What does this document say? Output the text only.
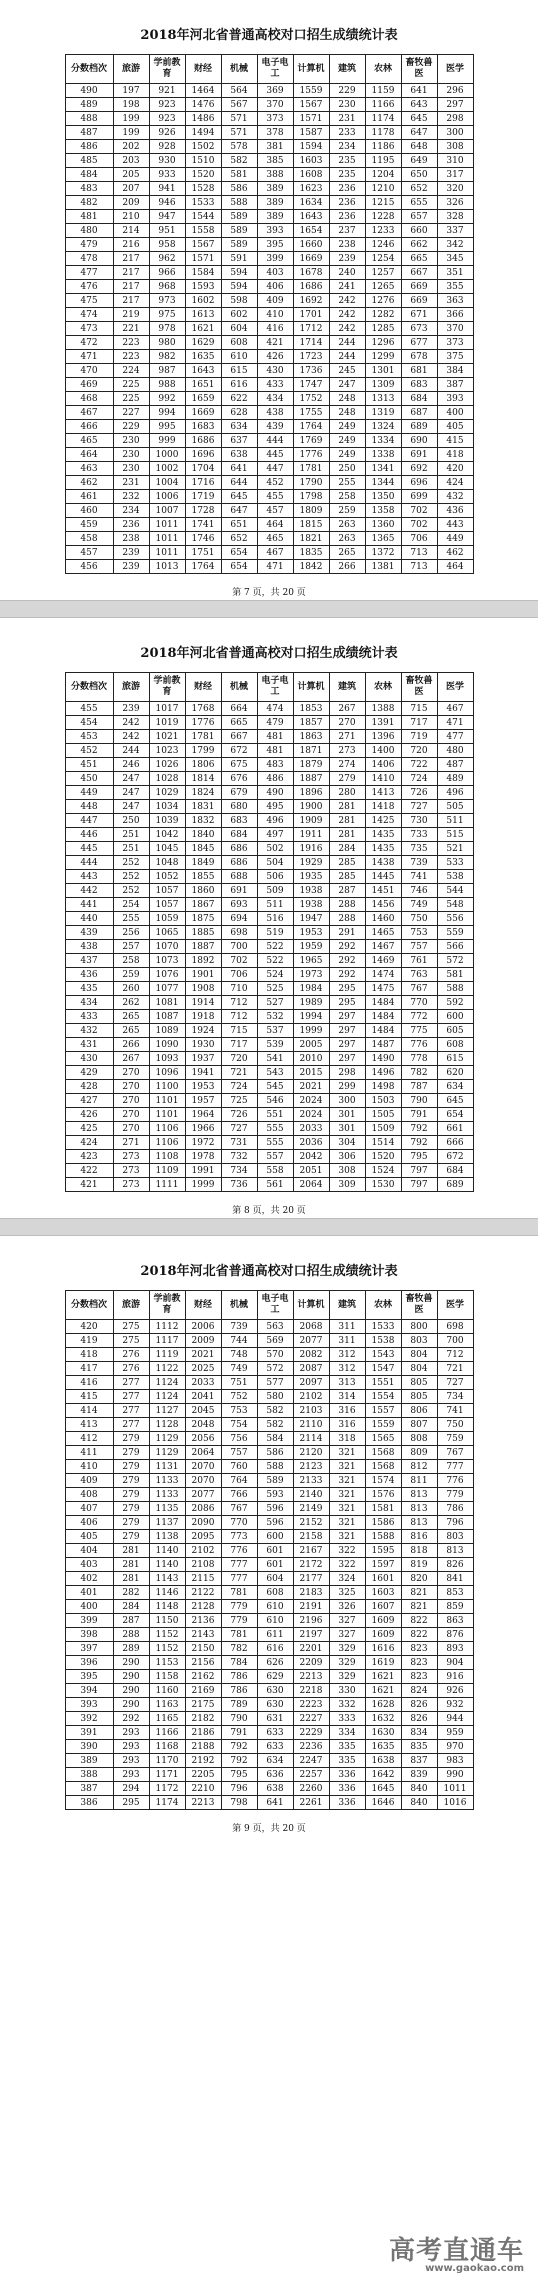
2018年河北省普通高校对口招生成绩统计表
分数档次	旅游	学前教育	财经	机械	电子电工	计算机	建筑	农林	畜牧兽医	医学
490	197	921	1464	564	369	1559	229	1159	641	296
489	198	923	1476	567	370	1567	230	1166	643	297
488	199	923	1486	571	373	1571	231	1174	645	298
487	199	926	1494	571	378	1587	233	1178	647	300
486	202	928	1502	578	381	1594	234	1186	648	308
485	203	930	1510	582	385	1603	235	1195	649	310
484	205	933	1520	581	388	1608	235	1204	650	317
483	207	941	1528	586	389	1623	236	1210	652	320
482	209	946	1533	588	389	1634	236	1215	655	326
481	210	947	1544	589	389	1643	236	1228	657	328
480	214	951	1558	589	393	1654	237	1233	660	337
479	216	958	1567	589	395	1660	238	1246	662	342
478	217	962	1571	591	399	1669	239	1254	665	345
477	217	966	1584	594	403	1678	240	1257	667	351
476	217	968	1593	594	406	1686	241	1265	669	355
475	217	973	1602	598	409	1692	242	1276	669	363
474	219	975	1613	602	410	1701	242	1282	671	366
473	221	978	1621	604	416	1712	242	1285	673	370
472	223	980	1629	608	421	1714	244	1296	677	373
471	223	982	1635	610	426	1723	244	1299	678	375
470	224	987	1643	615	430	1736	245	1301	681	384
469	225	988	1651	616	433	1747	247	1309	683	387
468	225	992	1659	622	434	1752	248	1313	684	393
467	227	994	1669	628	438	1755	248	1319	687	400
466	229	995	1683	634	439	1764	249	1324	689	405
465	230	999	1686	637	444	1769	249	1334	690	415
464	230	1000	1696	638	445	1776	249	1338	691	418
463	230	1002	1704	641	447	1781	250	1341	692	420
462	231	1004	1716	644	452	1790	255	1344	696	424
461	232	1006	1719	645	455	1798	258	1350	699	432
460	234	1007	1728	647	457	1809	259	1358	702	436
459	236	1011	1741	651	464	1815	263	1360	702	443
458	238	1011	1746	652	465	1821	263	1365	706	449
457	239	1011	1751	654	467	1835	265	1372	713	462
456	239	1013	1764	654	471	1842	266	1381	713	464
第 7 页，共 20 页
2018年河北省普通高校对口招生成绩统计表
分数档次	旅游	学前教育	财经	机械	电子电工	计算机	建筑	农林	畜牧兽医	医学
455	239	1017	1768	664	474	1853	267	1388	715	467
454	242	1019	1776	665	479	1857	270	1391	717	471
453	242	1021	1781	667	481	1863	271	1396	719	477
452	244	1023	1799	672	481	1871	273	1400	720	480
451	246	1026	1806	675	483	1879	274	1406	722	487
450	247	1028	1814	676	486	1887	279	1410	724	489
449	247	1029	1824	679	490	1896	280	1413	726	496
448	247	1034	1831	680	495	1900	281	1418	727	505
447	250	1039	1832	683	496	1909	281	1425	730	511
446	251	1042	1840	684	497	1911	281	1435	733	515
445	251	1045	1845	686	502	1916	284	1435	735	521
444	252	1048	1849	686	504	1929	285	1438	739	533
443	252	1052	1855	688	506	1935	285	1445	741	538
442	252	1057	1860	691	509	1938	287	1451	746	544
441	254	1057	1867	693	511	1938	288	1456	749	548
440	255	1059	1875	694	516	1947	288	1460	750	556
439	256	1065	1885	698	519	1953	291	1465	753	559
438	257	1070	1887	700	522	1959	292	1467	757	566
437	258	1073	1892	702	522	1965	292	1469	761	572
436	259	1076	1901	706	524	1973	292	1474	763	581
435	260	1077	1908	710	525	1984	295	1475	767	588
434	262	1081	1914	712	527	1989	295	1484	770	592
433	265	1087	1918	712	532	1994	297	1484	772	600
432	265	1089	1924	715	537	1999	297	1484	775	605
431	266	1090	1930	717	539	2005	297	1487	776	608
430	267	1093	1937	720	541	2010	297	1490	778	615
429	270	1096	1941	721	543	2015	298	1496	782	620
428	270	1100	1953	724	545	2021	299	1498	787	634
427	270	1101	1957	725	546	2024	300	1503	790	645
426	270	1101	1964	726	551	2024	301	1505	791	654
425	270	1106	1966	727	555	2033	301	1509	792	661
424	271	1106	1972	731	555	2036	304	1514	792	666
423	273	1108	1978	732	557	2042	306	1520	795	672
422	273	1109	1991	734	558	2051	308	1524	797	684
421	273	1111	1999	736	561	2064	309	1530	797	689
第 8 页，共 20 页
2018年河北省普通高校对口招生成绩统计表
分数档次	旅游	学前教育	财经	机械	电子电工	计算机	建筑	农林	畜牧兽医	医学
420	275	1112	2006	739	563	2068	311	1533	800	698
419	275	1117	2009	744	569	2077	311	1538	803	700
418	276	1119	2021	748	570	2082	312	1543	804	712
417	276	1122	2025	749	572	2087	312	1547	804	721
416	277	1124	2033	751	577	2097	313	1551	805	727
415	277	1124	2041	752	580	2102	314	1554	805	734
414	277	1127	2045	753	582	2103	316	1557	806	741
413	277	1128	2048	754	582	2110	316	1559	807	750
412	279	1129	2056	756	584	2114	318	1565	808	759
411	279	1129	2064	757	586	2120	321	1568	809	767
410	279	1131	2070	760	588	2123	321	1568	812	777
409	279	1133	2070	764	589	2133	321	1574	811	776
408	279	1133	2077	766	593	2140	321	1576	813	779
407	279	1135	2086	767	596	2149	321	1581	813	786
406	279	1137	2090	770	596	2152	321	1586	813	796
405	279	1138	2095	773	600	2158	321	1588	816	803
404	281	1140	2102	776	601	2167	322	1595	818	813
403	281	1140	2108	777	601	2172	322	1597	819	826
402	281	1143	2115	777	604	2177	324	1601	820	841
401	282	1146	2122	781	608	2183	325	1603	821	853
400	284	1148	2128	779	610	2191	326	1607	821	859
399	287	1150	2136	779	610	2196	327	1609	822	863
398	288	1152	2143	781	611	2197	327	1609	822	876
397	289	1152	2150	782	616	2201	329	1616	823	893
396	290	1153	2156	784	626	2209	329	1619	823	904
395	290	1158	2162	786	629	2213	329	1621	823	916
394	290	1160	2169	786	630	2218	330	1621	824	926
393	290	1163	2175	789	630	2223	332	1628	826	932
392	292	1165	2182	790	631	2227	333	1632	826	944
391	293	1166	2186	791	633	2229	334	1630	834	959
390	293	1168	2188	792	633	2236	335	1635	835	970
389	293	1170	2192	792	634	2247	335	1638	837	983
388	293	1171	2205	795	636	2257	336	1642	839	990
387	294	1172	2210	796	638	2260	336	1645	840	1011
386	295	1174	2213	798	641	2261	336	1646	840	1016
第 9 页，共 20 页
高考直通车
www.gaokao.com
